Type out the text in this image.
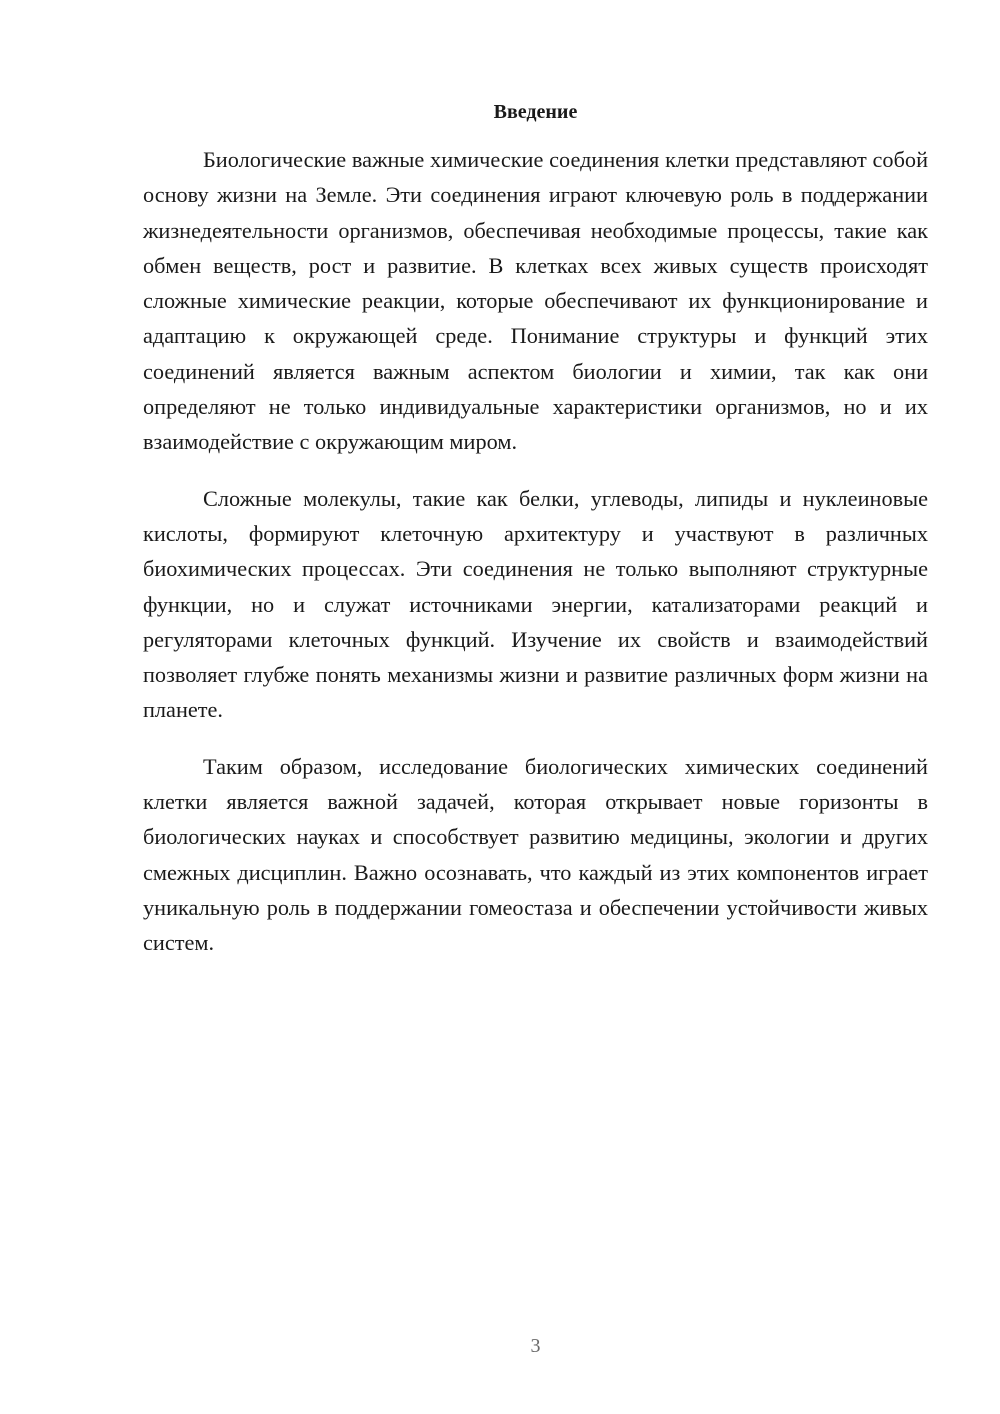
Введение

Биологические важные химические соединения клетки представляют собой основу жизни на Земле. Эти соединения играют ключевую роль в поддержании жизнедеятельности организмов, обеспечивая необходимые процессы, такие как обмен веществ, рост и развитие. В клетках всех живых существ происходят сложные химические реакции, которые обеспечивают их функционирование и адаптацию к окружающей среде. Понимание структуры и функций этих соединений является важным аспектом биологии и химии, так как они определяют не только индивидуальные характеристики организмов, но и их взаимодействие с окружающим миром.

Сложные молекулы, такие как белки, углеводы, липиды и нуклеиновые кислоты, формируют клеточную архитектуру и участвуют в различных биохимических процессах. Эти соединения не только выполняют структурные функции, но и служат источниками энергии, катализаторами реакций и регуляторами клеточных функций. Изучение их свойств и взаимодействий позволяет глубже понять механизмы жизни и развитие различных форм жизни на планете.

Таким образом, исследование биологических химических соединений клетки является важной задачей, которая открывает новые горизонты в биологических науках и способствует развитию медицины, экологии и других смежных дисциплин. Важно осознавать, что каждый из этих компонентов играет уникальную роль в поддержании гомеостаза и обеспечении устойчивости живых систем.

3
